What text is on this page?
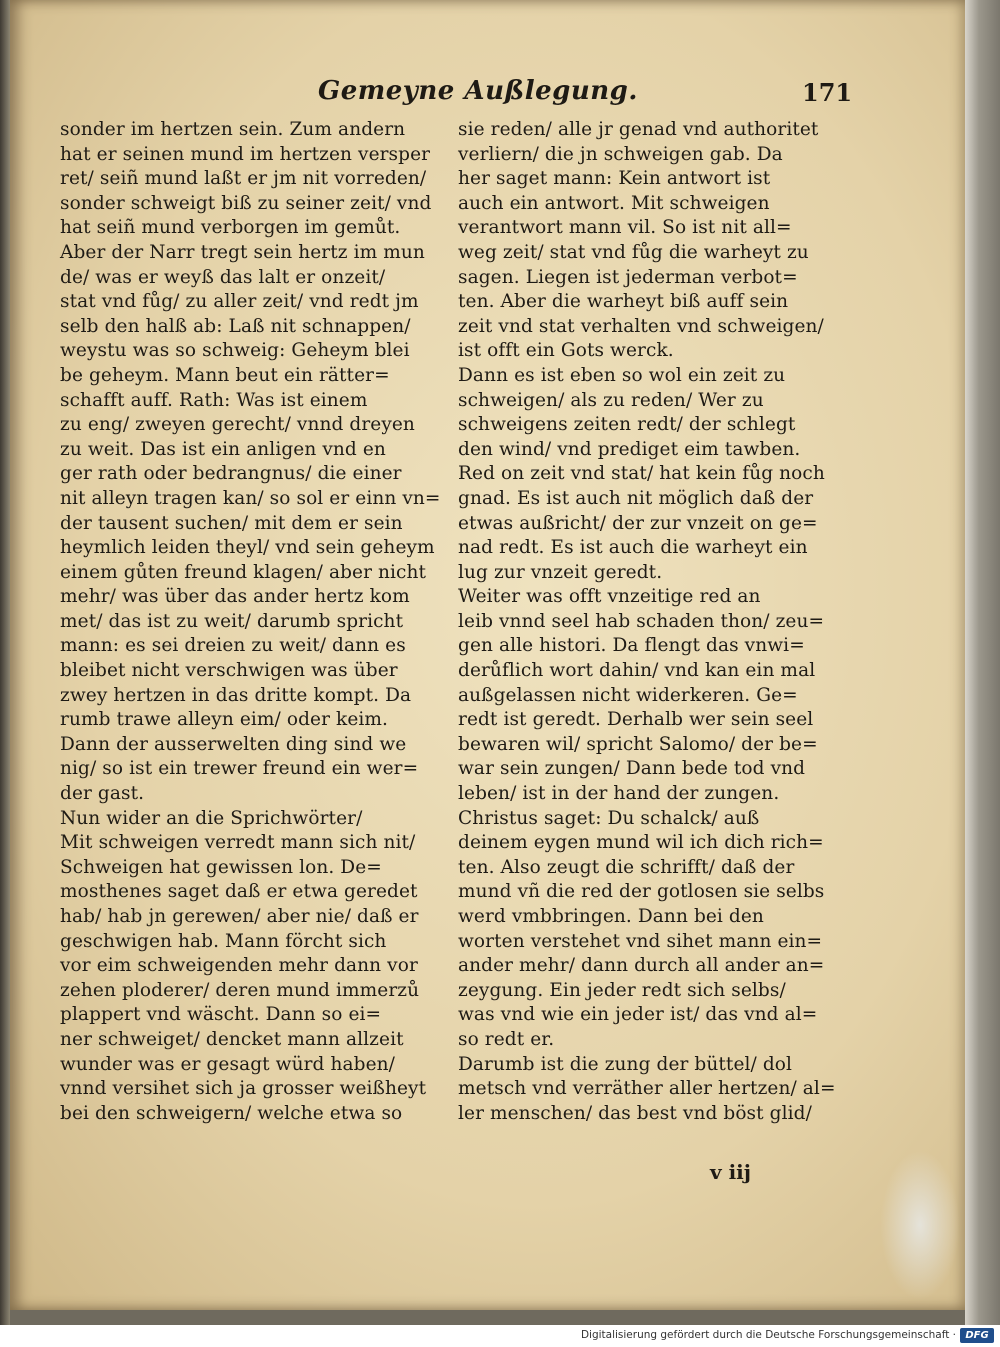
Gemeyne Außlegung.	171
sonder im hertzen sein. Zum andern
hat er seinen mund im hertzen versper
ret/ seiñ mund laßt er jm nit vorreden/
sonder schweigt biß zu seiner zeit/ vnd
hat seiñ mund verborgen im gemůt.
Aber der Narr tregt sein hertz im mun
de/ was er weyß das lalt er onzeit/
stat vnd fůg/ zu aller zeit/ vnd redt jm
selb den halß ab: Laß nit schnappen/
weystu was so schweig: Geheym blei
be geheym. Mann beut ein rätter=
schafft auff. Rath: Was ist einem
zu eng/ zweyen gerecht/ vnnd dreyen
zu weit. Das ist ein anligen vnd en
ger rath oder bedrangnus/ die einer
nit alleyn tragen kan/ so sol er einn vn=
der tausent suchen/ mit dem er sein
heymlich leiden theyl/ vnd sein geheym
einem gůten freund klagen/ aber nicht
mehr/ was über das ander hertz kom
met/ das ist zu weit/ darumb spricht
mann: es sei dreien zu weit/ dann es
bleibet nicht verschwigen was über
zwey hertzen in das dritte kompt. Da
rumb trawe alleyn eim/ oder keim.
Dann der ausserwelten ding sind we
nig/ so ist ein trewer freund ein wer=
der gast.
Nun wider an die Sprichwörter/
Mit schweigen verredt mann sich nit/
Schweigen hat gewissen lon. De=
mosthenes saget daß er etwa geredet
hab/ hab jn gerewen/ aber nie/ daß er
geschwigen hab. Mann förcht sich
vor eim schweigenden mehr dann vor
zehen ploderer/ deren mund immerzů
plappert vnd wäscht. Dann so ei=
ner schweiget/ dencket mann allzeit
wunder was er gesagt würd haben/
vnnd versihet sich ja grosser weißheyt
bei den schweigern/ welche etwa so
sie reden/ alle jr genad vnd authoritet
verliern/ die jn schweigen gab. Da
her saget mann: Kein antwort ist
auch ein antwort. Mit schweigen
verantwort mann vil. So ist nit all=
weg zeit/ stat vnd fůg die warheyt zu
sagen. Liegen ist jederman verbot=
ten. Aber die warheyt biß auff sein
zeit vnd stat verhalten vnd schweigen/
ist offt ein Gots werck.
Dann es ist eben so wol ein zeit zu
schweigen/ als zu reden/ Wer zu
schweigens zeiten redt/ der schlegt
den wind/ vnd prediget eim tawben.
Red on zeit vnd stat/ hat kein fůg noch
gnad. Es ist auch nit möglich daß der
etwas außricht/ der zur vnzeit on ge=
nad redt. Es ist auch die warheyt ein
lug zur vnzeit geredt.
Weiter was offt vnzeitige red an
leib vnnd seel hab schaden thon/ zeu=
gen alle histori. Da flengt das vnwi=
derůflich wort dahin/ vnd kan ein mal
außgelassen nicht widerkeren. Ge=
redt ist geredt. Derhalb wer sein seel
bewaren wil/ spricht Salomo/ der be=
war sein zungen/ Dann bede tod vnd
leben/ ist in der hand der zungen.
Christus saget: Du schalck/ auß
deinem eygen mund wil ich dich rich=
ten. Also zeugt die schrifft/ daß der
mund vñ die red der gotlosen sie selbs
werd vmbbringen. Dann bei den
worten verstehet vnd sihet mann ein=
ander mehr/ dann durch all ander an=
zeygung. Ein jeder redt sich selbs/
was vnd wie ein jeder ist/ das vnd al=
so redt er.
Darumb ist die zung der büttel/ dol
metsch vnd verräther aller hertzen/ al=
ler menschen/ das best vnd böst glid/
v iij
Digitalisierung gefördert durch die Deutsche Forschungsgemeinschaft · DFG
